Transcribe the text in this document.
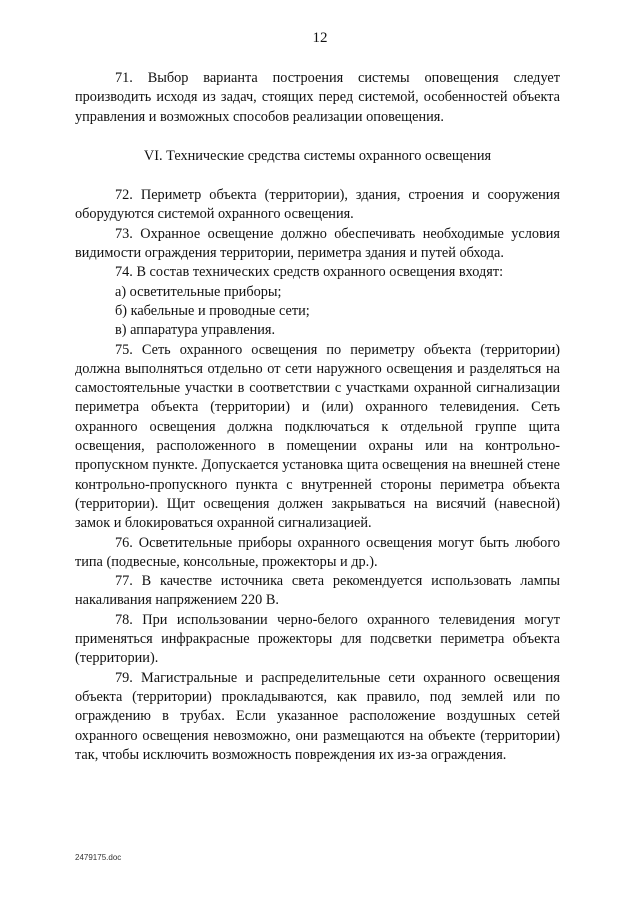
12

71. Выбор варианта построения системы оповещения следует производить исходя из задач, стоящих перед системой, особенностей объекта управления и возможных способов реализации оповещения.

VI. Технические средства системы охранного освещения

72. Периметр объекта (территории), здания, строения и сооружения оборудуются системой охранного освещения.

73. Охранное освещение должно обеспечивать необходимые условия видимости ограждения территории, периметра здания и путей обхода.

74. В состав технических средств охранного освещения входят:

а) осветительные приборы;

б) кабельные и проводные сети;

в) аппаратура управления.

75. Сеть охранного освещения по периметру объекта (территории) должна выполняться отдельно от сети наружного освещения и разделяться на самостоятельные участки в соответствии с участками охранной сигнализации периметра объекта (территории) и (или) охранного телевидения. Сеть охранного освещения должна подключаться к отдельной группе щита освещения, расположенного в помещении охраны или на контрольно-пропускном пункте. Допускается установка щита освещения на внешней стене контрольно-пропускного пункта с внутренней стороны периметра объекта (территории). Щит освещения должен закрываться на висячий (навесной) замок и блокироваться охранной сигнализацией.

76. Осветительные приборы охранного освещения могут быть любого типа (подвесные, консольные, прожекторы и др.).

77. В качестве источника света рекомендуется использовать лампы накаливания напряжением 220 В.

78. При использовании черно-белого охранного телевидения могут применяться инфракрасные прожекторы для подсветки периметра объекта (территории).

79. Магистральные и распределительные сети охранного освещения объекта (территории) прокладываются, как правило, под землей или по ограждению в трубах. Если указанное расположение воздушных сетей охранного освещения невозможно, они размещаются на объекте (территории) так, чтобы исключить возможность повреждения их из-за ограждения.

2479175.doc
